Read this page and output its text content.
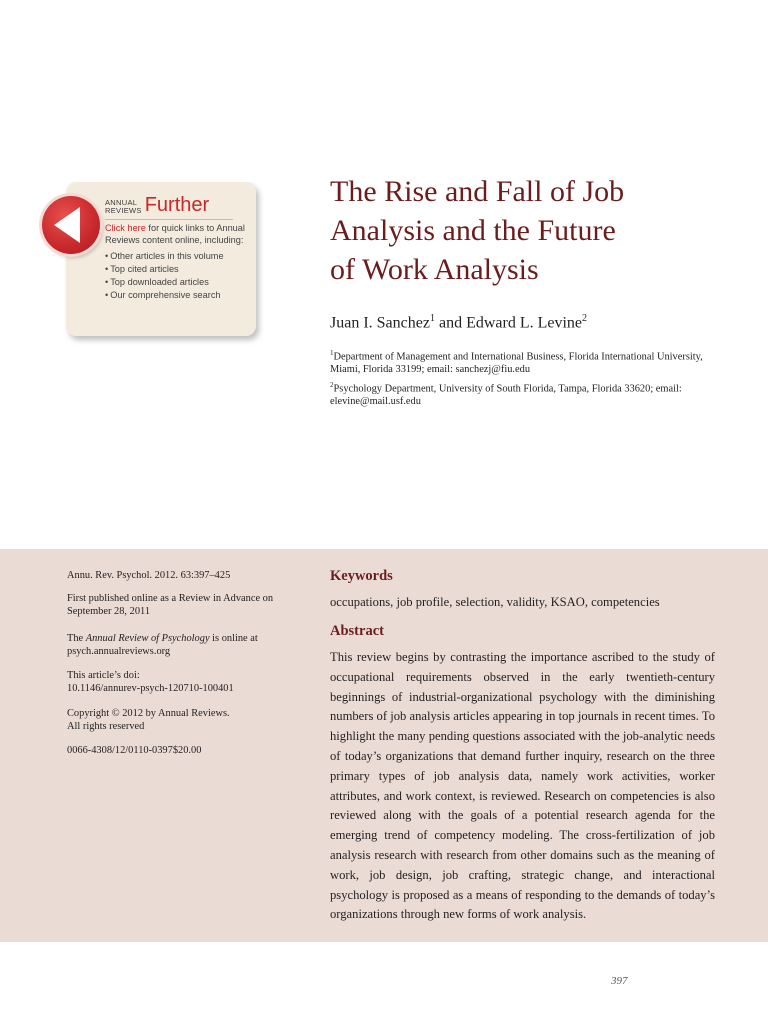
ANNUAL
REVIEWS Further
Click here for quick links to Annual Reviews content online, including:
• Other articles in this volume
• Top cited articles
• Top downloaded articles
• Our comprehensive search
The Rise and Fall of Job
Analysis and the Future
of Work Analysis
Juan I. Sanchez$^1$ and Edward L. Levine$^2$
$^1$Department of Management and International Business, Florida International University, Miami, Florida 33199; email: sanchezj@fiu.edu
$^2$Psychology Department, University of South Florida, Tampa, Florida 33620; email: elevine@mail.usf.edu
Annu. Rev. Psychol. 2012. 63:397–425
First published online as a Review in Advance on September 28, 2011
The Annual Review of Psychology is online at psych.annualreviews.org
This article’s doi:
10.1146/annurev-psych-120710-100401
Copyright © 2012 by Annual Reviews.
All rights reserved
0066-4308/12/0110-0397$20.00
Keywords
occupations, job profile, selection, validity, KSAO, competencies
Abstract
This review begins by contrasting the importance ascribed to the study of occupational requirements observed in the early twentieth-century beginnings of industrial-organizational psychology with the diminishing numbers of job analysis articles appearing in top journals in recent times. To highlight the many pending questions associated with the job-analytic needs of today’s organizations that demand further inquiry, research on the three primary types of job analysis data, namely work activities, worker attributes, and work context, is reviewed. Research on competencies is also reviewed along with the goals of a potential research agenda for the emerging trend of competency modeling. The cross-fertilization of job analysis research with research from other domains such as the meaning of work, job design, job crafting, strategic change, and interactional psychology is proposed as a means of responding to the demands of today’s organizations through new forms of work analysis.
397
